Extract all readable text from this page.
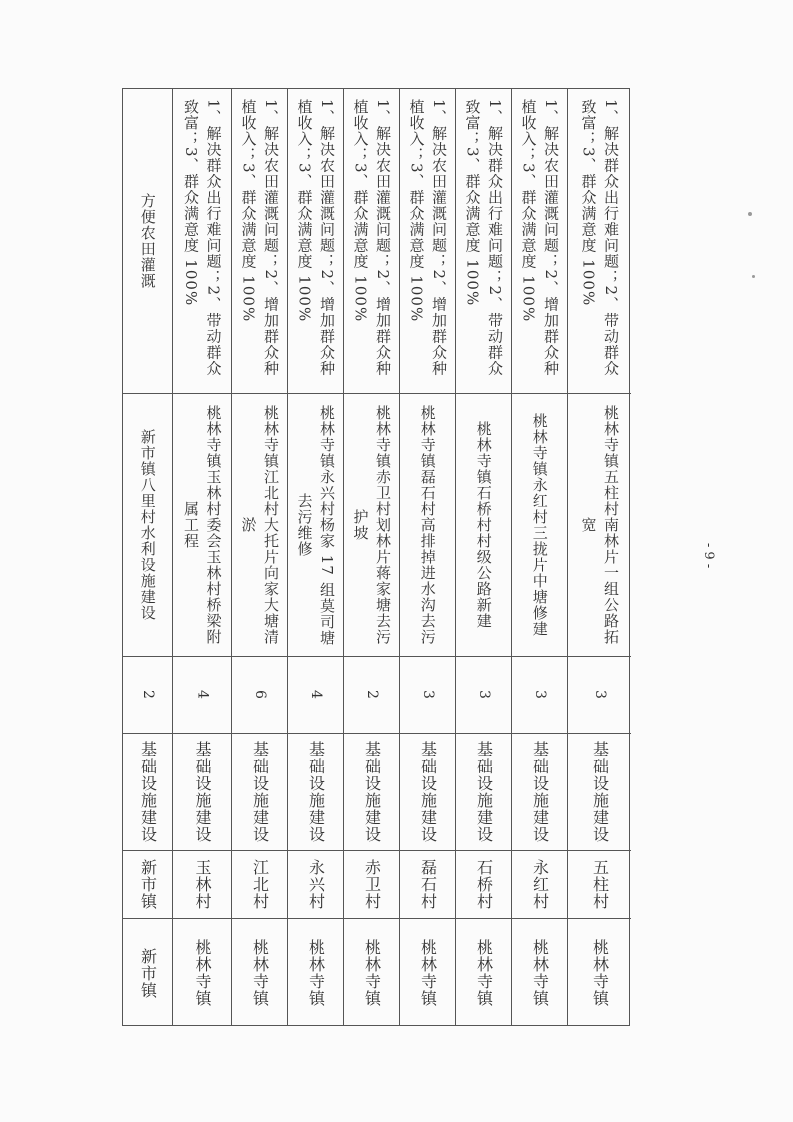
方便农田灌溉
新市镇八里村水利设施建设
2
基础设施建设
新市镇
新市镇
1、解决群众出行难问题；2、带动群众致富；3、群众满意度 100%
桃林寺镇玉林村委会玉林村桥梁附属工程
4
基础设施建设
玉林村
桃林寺镇
1、解决农田灌溉问题；2、增加群众种植收入；3、群众满意度 100%
桃林寺镇江北村大托片向家大塘清淤
6
基础设施建设
江北村
桃林寺镇
1、解决农田灌溉问题；2、增加群众种植收入；3、群众满意度 100%
桃林寺镇永兴村杨家 17 组莫司塘去污维修
4
基础设施建设
永兴村
桃林寺镇
1、解决农田灌溉问题；2、增加群众种植收入；3、群众满意度 100%
桃林寺镇赤卫村划林片蒋家塘去污护坡
2
基础设施建设
赤卫村
桃林寺镇
1、解决农田灌溉问题；2、增加群众种植收入；3、群众满意度 100%
桃林寺镇磊石村高排掉进水沟去污
3
基础设施建设
磊石村
桃林寺镇
1、解决群众出行难问题；2、带动群众致富；3、群众满意度 100%
桃林寺镇石桥村村级公路新建
3
基础设施建设
石桥村
桃林寺镇
1、解决农田灌溉问题；2、增加群众种植收入；3、群众满意度 100%
桃林寺镇永红村三拢片中塘修建
3
基础设施建设
永红村
桃林寺镇
1、解决群众出行难问题；2、带动群众致富；3、群众满意度 100%
桃林寺镇五柱村南林片一组公路拓宽
3
基础设施建设
五柱村
桃林寺镇
- 9 -
